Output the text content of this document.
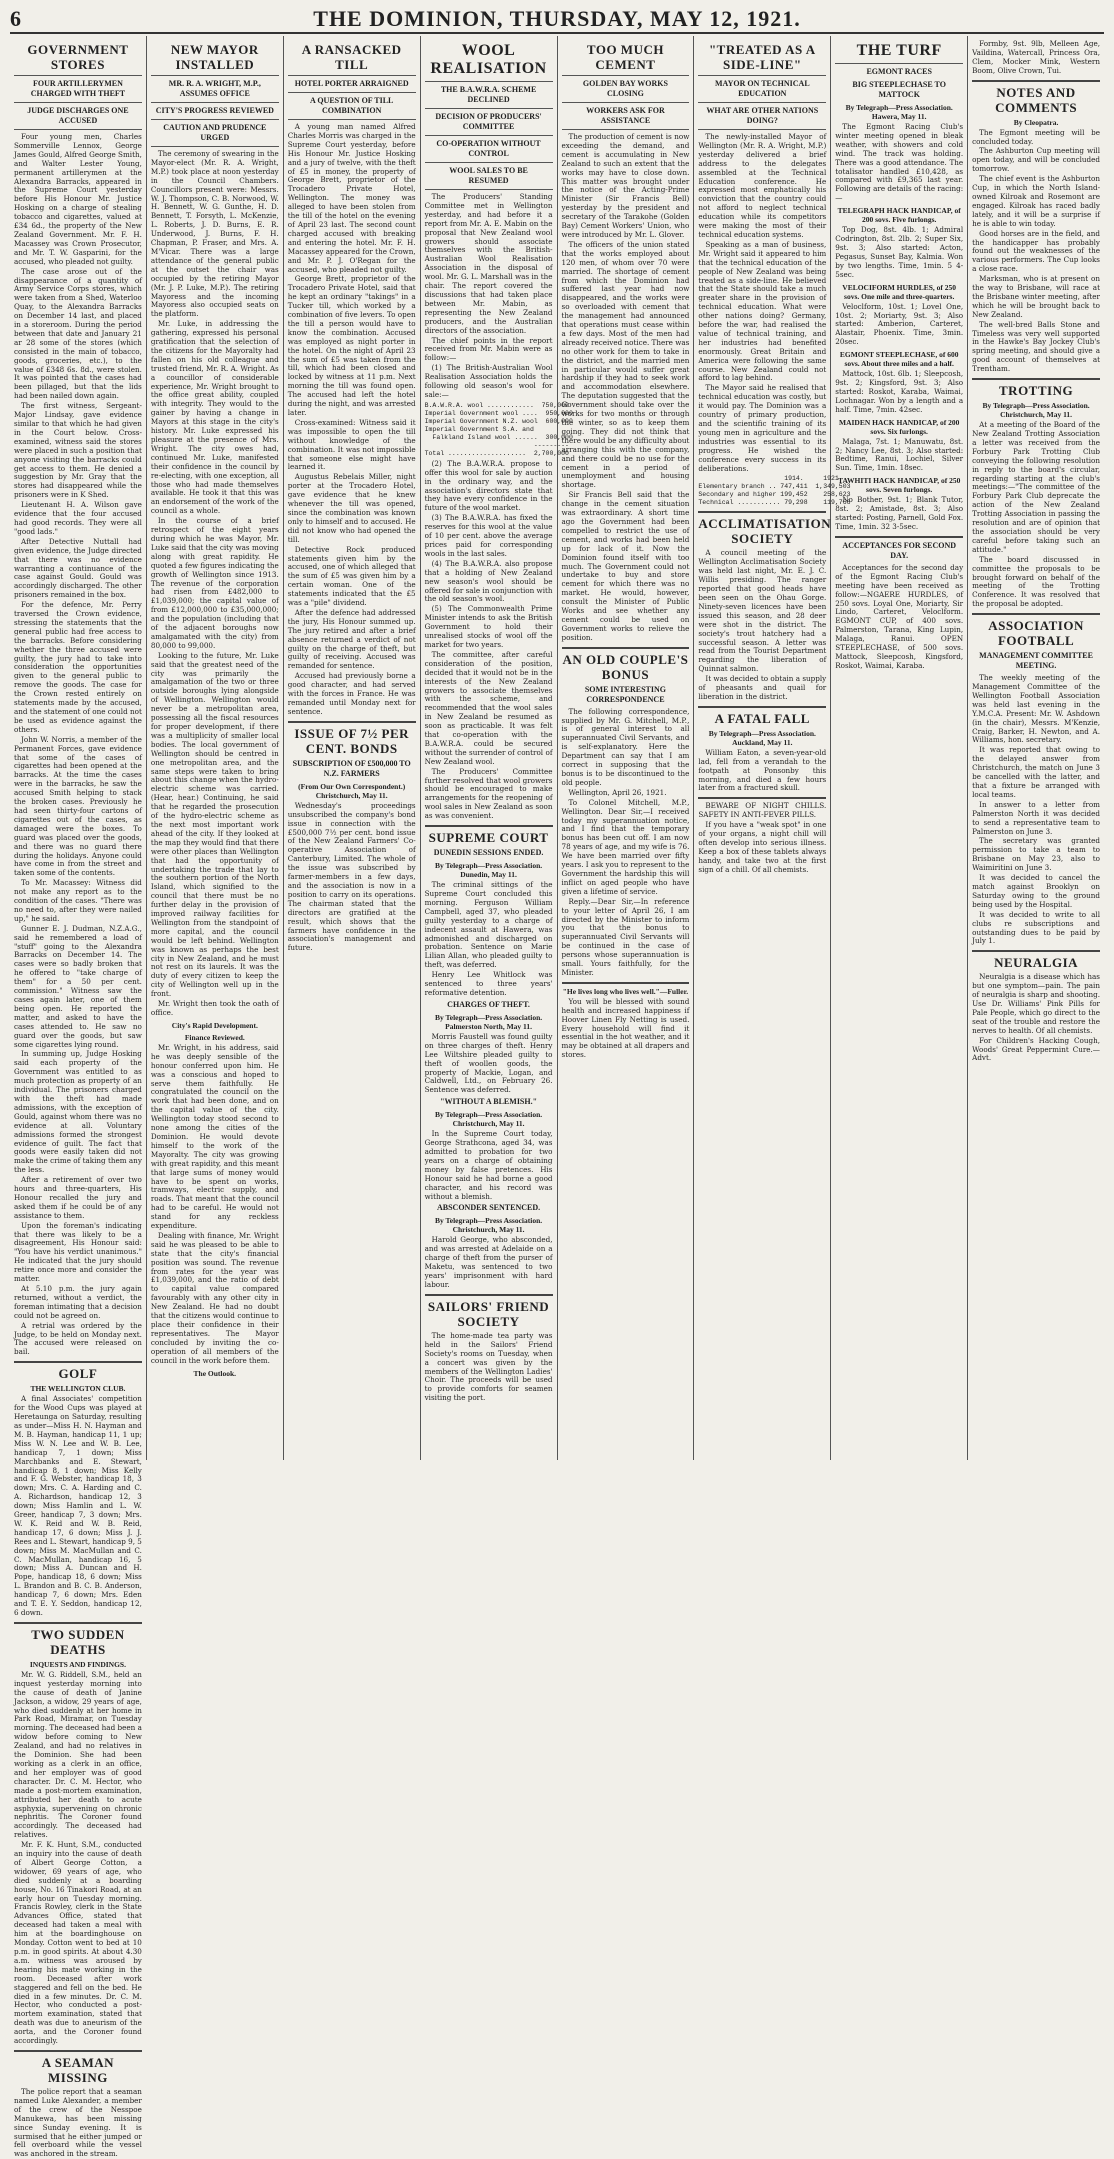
6	THE DOMINION, THURSDAY, MAY 12, 1921.
GOVERNMENT STORES
FOUR ARTILLERYMEN CHARGED WITH THEFT
JUDGE DISCHARGES ONE ACCUSED

Four young men, Charles Sommerville Lennox, George James Gould, Alfred George Smith, and Walter Lester Young, permanent artillerymen at the Alexandra Barracks, appeared in the Supreme Court yesterday before His Honour Mr. Justice Hosking on a charge of stealing tobacco and cigarettes, valued at £34 6d., the property of the New Zealand Government. Mr. F. H. Macassey was Crown Prosecutor, and Mr. T. W. Gasparini, for the accused, who pleaded not guilty.

The case arose out of the disappearance of a quantity of Army Service Corps stores, which were taken from a Shed, Waterloo Quay, to the Alexandra Barracks on December 14 last, and placed in a storeroom. During the period between that date and January 21 ar 28 some of the stores (which consisted in the main of tobacco, goods, groceries, etc.), to the value of £348 6s. 8d., were stolen. It was pointed that the cases had been pillaged, but that the lids had been nailed down again.

The first witness, Sergeant-Major Lindsay, gave evidence similar to that which he had given in the Court below. Cross-examined, witness said the stores were placed in such a position that anyone visiting the barracks could get access to them. He denied a suggestion by Mr. Gray that the stores had disappeared while the prisoners were in K Shed.

Lieutenant H. A. Wilson gave evidence that the four accused had good records. They were all "good lads."

After Detective Nuttall had given evidence, the Judge directed that there was no evidence warranting a continuance of the case against Gould. Gould was accordingly discharged. The other prisoners remained in the box.

For the defence, Mr. Perry traversed the Crown evidence, stressing the statements that the general public had free access to the barracks. Before considering whether the three accused were guilty, the jury had to take into consideration the opportunities given to the general public to remove the goods. The case for the Crown rested entirely on statements made by the accused, and the statement of one could not be used as evidence against the others.

John W. Norris, a member of the Permanent Forces, gave evidence that some of the cases of cigarettes had been opened at the barracks. At the time the cases were in the barracks, he saw the accused Smith helping to stack the broken cases. Previously he had seen thirty-four cartons of cigarettes out of the cases, as damaged were the boxes. To guard was placed over the goods, and there was no guard there during the holidays. Anyone could have come in from the street and taken some of the contents.

To Mr. Macassey: Witness did not make any report as to the condition of the cases. "There was no need to, after they were nailed up," he said.

Gunner E. J. Dudman, N.Z.A.G., said he remembered a load of "stuff" going to the Alexandra Barracks on December 14. The cases were so badly broken that he offered to "take charge of them" for a 50 per cent. commission." Witness saw the cases again later, one of them being open. He reported the matter, and asked to have the cases attended to. He saw no guard over the goods, but saw some cigarettes lying round.

In summing up, Judge Hosking said each property of the Government was entitled to as much protection as property of an individual. The prisoners charged with the theft had made admissions, with the exception of Gould, against whom there was no evidence at all. Voluntary admissions formed the strongest evidence of guilt. The fact that goods were easily taken did not make the crime of taking them any the less.

After a retirement of over two hours and three-quarters, His Honour recalled the jury and asked them if he could be of any assistance to them.

Upon the foreman's indicating that there was likely to be a disagreement, His Honour said: "You have his verdict unanimous." He indicated that the jury should retire once more and consider the matter.

At 5.10 p.m. the jury again returned, without a verdict, the foreman intimating that a decision could not be agreed on.

A retrial was ordered by the Judge, to be held on Monday next. The accused were released on bail.

GOLF
THE WELLINGTON CLUB.

A final Associates' competition for the Wood Cups was played at Heretaunga on Saturday, resulting as under—Miss H. N. Hayman and M. B. Hayman, handicap 11, 1 up; Miss W. N. Lee and W. B. Lee, handicap 7, 1 down; Miss Marchbanks and E. Stewart, handicap 8, 1 down; Miss Kelly and F. G. Webster, handicap 18, 3 down; Mrs. C. A. Harding and C. A. Richardson, handicap 12, 3 down; Miss Hamlin and L. W. Greer, handicap 7, 3 down; Mrs. W. K. Reid and W. B. Reid, handicap 17, 6 down; Miss J. J. Rees and L. Stewart, handicap 9, 5 down; Miss M. MacMullan and C. C. MacMullan, handicap 16, 5 down; Miss A. Duncan and H. Pope, handicap 18, 6 down; Miss L. Brandon and B. C. B. Anderson, handicap 7, 6 down; Mrs. Eden and T. E. Y. Seddon, handicap 12, 6 down.

TWO SUDDEN DEATHS
INQUESTS AND FINDINGS.

Mr. W. G. Riddell, S.M., held an inquest yesterday morning into the cause of death of Janine Jackson, a widow, 29 years of age, who died suddenly at her home in Park Road, Miramar, on Tuesday morning. The deceased had been a widow before coming to New Zealand, and had no relatives in the Dominion. She had been working as a clerk in an office, and her employer was of good character. Dr. C. M. Hector, who made a post-mortem examination, attributed her death to acute asphyxia, supervening on chronic nephritis. The Coroner found accordingly. The deceased had relatives.

Mr. F. K. Hunt, S.M., conducted an inquiry into the cause of death of Albert George Cotton, a widower, 69 years of age, who died suddenly at a boarding house, No. 16 Tinakori Road, at an early hour on Tuesday morning. Francis Rowley, clerk in the State Advances Office, stated that deceased had taken a meal with him at the boardinghouse on Monday. Cotton went to bed at 10 p.m. in good spirits. At about 4.30 a.m. witness was aroused by hearing his mate working in the room. Deceased after work staggered and fell on the bed. He died in a few minutes. Dr. C. M. Hector, who conducted a post-mortem examination, stated that death was due to aneurism of the aorta, and the Coroner found accordingly.

A SEAMAN MISSING

The police report that a seaman named Luke Alexander, a member of the crew of the Nesspoe Manukewa, has been missing since Sunday evening. It is surmised that he either jumped or fell overboard while the vessel was anchored in the stream.

NEW MAYOR INSTALLED
MR. R. A. WRIGHT, M.P., ASSUMES OFFICE
CITY'S PROGRESS REVIEWED
CAUTION AND PRUDENCE URGED

The ceremony of swearing in the Mayor-elect (Mr. R. A. Wright, M.P.) took place at noon yesterday in the Council Chambers. Councillors present were: Messrs. W. J. Thompson, C. B. Norwood, W. H. Bennett, W. G. Gunthe, H. D. Bennett, T. Forsyth, L. McKenzie, L. Roberts, J. D. Burns, E. R. Underwood, J. Burns, F. H. Chapman, P. Fraser, and Mrs. A. M'Vicar. There was a large attendance of the general public at the outset the chair was occupied by the retiring Mayor (Mr. J. P. Luke, M.P.). The retiring Mayoress and the incoming Mayoress also occupied seats on the platform.

Mr. Luke, in addressing the gathering, expressed his personal gratification that the selection of the citizens for the Mayoralty had fallen on his old colleague and trusted friend, Mr. R. A. Wright. As a councillor of considerable experience, Mr. Wright brought to the office great ability, coupled with integrity. They would to the gainer by having a change in Mayors at this stage in the city's history. Mr. Luke expressed his pleasure at the presence of Mrs. Wright. The city owes had, continued Mr. Luke, manifested their confidence in the council by re-electing, with one exception, all those who had made themselves available. He took it that this was an endorsement of the work of the council as a whole.

In the course of a brief retrospect of the eight years during which he was Mayor, Mr. Luke said that the city was moving along with great rapidity. He quoted a few figures indicating the growth of Wellington since 1913. The revenue of the corporation had risen from £482,000 to £1,039,000; the capital value of from £12,000,000 to £35,000,000; and the population (including that of the adjacent boroughs now amalgamated with the city) from 80,000 to 99,000.

Looking to the future, Mr. Luke said that the greatest need of the city was primarily the amalgamation of the two or three outside boroughs lying alongside of Wellington. Wellington would never be a metropolitan area, possessing all the fiscal resources for proper development, if there was a multiplicity of smaller local bodies. The local government of Wellington should be centred in one metropolitan area, and the same steps were taken to bring about this change when the hydro-electric scheme was carried. (Hear, hear.) Continuing, he said that he regarded the prosecution of the hydro-electric scheme as the next most important work ahead of the city. If they looked at the map they would find that there were other places than Wellington that had the opportunity of undertaking the trade that lay to the southern portion of the North Island, which signified to the council that there must be no further delay in the provision of improved railway facilities for Wellington from the standpoint of more capital, and the council would be left behind. Wellington was known as perhaps the best city in New Zealand, and he must not rest on its laurels. It was the duty of every citizen to keep the city of Wellington well up in the front.

Mr. Wright then took the oath of office.

City's Rapid Development.
Finance Reviewed.

Mr. Wright, in his address, said he was deeply sensible of the honour conferred upon him. He was a conscious and hoped to serve them faithfully. He congratulated the council on the work that had been done, and on the capital value of the city. Wellington today stood second to none among the cities of the Dominion. He would devote himself to the work of the Mayoralty. The city was growing with great rapidity, and this meant that large sums of money would have to be spent on works, tramways, electric supply, and roads. That meant that the council had to be careful. He would not stand for any reckless expenditure.

Dealing with finance, Mr. Wright said he was pleased to be able to state that the city's financial position was sound. The revenue from rates for the year was £1,039,000, and the ratio of debt to capital value compared favourably with any other city in New Zealand. He had no doubt that the citizens would continue to place their confidence in their representatives. The Mayor concluded by inviting the co-operation of all members of the council in the work before them.

The Outlook.
A RANSACKED TILL
HOTEL PORTER ARRAIGNED
A QUESTION OF TILL COMBINATION

A young man named Alfred Charles Morris was charged in the Supreme Court yesterday, before His Honour Mr. Justice Hosking and a jury of twelve, with the theft of £5 in money, the property of George Brett, proprietor of the Trocadero Private Hotel, Wellington. The money was alleged to have been stolen from the till of the hotel on the evening of April 23 last. The second count charged accused with breaking and entering the hotel. Mr. F. H. Macassey appeared for the Crown, and Mr. P. J. O'Regan for the accused, who pleaded not guilty.

George Brett, proprietor of the Trocadero Private Hotel, said that he kept an ordinary "takings" in a Tucker till, which worked by a combination of five levers. To open the till a person would have to know the combination. Accused was employed as night porter in the hotel. On the night of April 23 the sum of £5 was taken from the till, which had been closed and locked by witness at 11 p.m. Next morning the till was found open. The accused had left the hotel during the night, and was arrested later.

Cross-examined: Witness said it was impossible to open the till without knowledge of the combination. It was not impossible that someone else might have learned it.

Augustus Rebelais Miller, night porter at the Trocadero Hotel, gave evidence that he knew whenever the till was opened, since the combination was known only to himself and to accused. He did not know who had opened the till.

Detective Rock produced statements given him by the accused, one of which alleged that the sum of £5 was given him by a certain woman. One of the statements indicated that the £5 was a "pile" dividend.

After the defence had addressed the jury, His Honour summed up. The jury retired and after a brief absence returned a verdict of not guilty on the charge of theft, but guilty of receiving. Accused was remanded for sentence.

Accused had previously borne a good character, and had served with the forces in France. He was remanded until Monday next for sentence.

ISSUE OF 7½ PER CENT. BONDS
SUBSCRIPTION OF £500,000 TO N.Z. FARMERS
(From Our Own Correspondent.) Christchurch, May 11.

Wednesday's proceedings unsubscribed the company's bond issue in connection with the £500,000 7½ per cent. bond issue of the New Zealand Farmers' Co-operative Association of Canterbury, Limited. The whole of the issue was subscribed by farmer-members in a few days, and the association is now in a position to carry on its operations. The chairman stated that the directors are gratified at the result, which shows that the farmers have confidence in the association's management and future.

WOOL REALISATION
THE B.A.W.R.A. SCHEME DECLINED
DECISION OF PRODUCERS' COMMITTEE
CO-OPERATION WITHOUT CONTROL
WOOL SALES TO BE RESUMED

The Producers' Standing Committee met in Wellington yesterday, and had before it a report from Mr. A. E. Mabin on the proposal that New Zealand wool growers should associate themselves with the British-Australian Wool Realisation Association in the disposal of wool. Mr. G. L. Marshall was in the chair. The report covered the discussions that had taken place between Mr. Mabin, as representing the New Zealand producers, and the Australian directors of the association.

The chief points in the report received from Mr. Mabin were as follow:—

(1) The British-Australian Wool Realisation Association holds the following old season's wool for sale:—

B.A.W.R.A. wool ............  750,000
Imperial Government wool ....  950,000
Imperial Government N.Z. wool  600,000
Imperial Government S.A. and
Falkland Island wool ......  300,000
---------
Total ....................  2,700,000

(2) The B.A.W.R.A. propose to offer this wool for sale by auction in the ordinary way, and the association's directors state that they have every confidence in the future of the wool market.

(3) The B.A.W.R.A. has fixed the reserves for this wool at the value of 10 per cent. above the average prices paid for corresponding wools in the last sales.

(4) The B.A.W.R.A. also propose that a holding of New Zealand new season's wool should be offered for sale in conjunction with the old season's wool.

(5) The Commonwealth Prime Minister intends to ask the British Government to hold their unrealised stocks of wool off the market for two years.

The committee, after careful consideration of the position, decided that it would not be in the interests of the New Zealand growers to associate themselves with the scheme, and recommended that the wool sales in New Zealand be resumed as soon as practicable. It was felt that co-operation with the B.A.W.R.A. could be secured without the surrender of control of New Zealand wool.

The Producers' Committee further resolved that wool growers should be encouraged to make arrangements for the reopening of wool sales in New Zealand as soon as was convenient.

SUPREME COURT
DUNEDIN SESSIONS ENDED.
By Telegraph—Press Association. Dunedin, May 11.

The criminal sittings of the Supreme Court concluded this morning. Ferguson William Campbell, aged 37, who pleaded guilty yesterday to a charge of indecent assault at Hawera, was admonished and discharged on probation. Sentence on Marie Lilian Allan, who pleaded guilty to theft, was deferred.

Henry Lee Whitlock was sentenced to three years' reformative detention.

CHARGES OF THEFT.
By Telegraph—Press Association. Palmerston North, May 11.

Morris Faustell was found guilty on three charges of theft. Henry Lee Wiltshire pleaded guilty to theft of woollen goods, the property of Mackie, Logan, and Caldwell, Ltd., on February 26. Sentence was deferred.

"WITHOUT A BLEMISH."
By Telegraph—Press Association. Christchurch, May 11.

In the Supreme Court today, George Strathcona, aged 34, was admitted to probation for two years on a charge of obtaining money by false pretences. His Honour said he had borne a good character, and his record was without a blemish.

ABSCONDER SENTENCED.
By Telegraph—Press Association. Christchurch, May 11.

Harold George, who absconded, and was arrested at Adelaide on a charge of theft from the purser of Maketu, was sentenced to two years' imprisonment with hard labour.

SAILORS' FRIEND SOCIETY

The home-made tea party was held in the Sailors' Friend Society's rooms on Tuesday, when a concert was given by the members of the Wellington Ladies' Choir. The proceeds will be used to provide comforts for seamen visiting the port.

TOO MUCH CEMENT
GOLDEN BAY WORKS CLOSING
WORKERS ASK FOR ASSISTANCE

The production of cement is now exceeding the demand, and cement is accumulating in New Zealand to such an extent that the works may have to close down. This matter was brought under the notice of the Acting-Prime Minister (Sir Francis Bell) yesterday by the president and secretary of the Tarakohe (Golden Bay) Cement Workers' Union, who were introduced by Mr. L. Glover.

The officers of the union stated that the works employed about 120 men, of whom over 70 were married. The shortage of cement from which the Dominion had suffered last year had now disappeared, and the works were so overloaded with cement that the management had announced that operations must cease within a few days. Most of the men had already received notice. There was no other work for them to take in the district, and the married men in particular would suffer great hardship if they had to seek work and accommodation elsewhere. The deputation suggested that the Government should take over the works for two months or through the winter, so as to keep them going. They did not think that there would be any difficulty about arranging this with the company, and there could be no use for the cement in a period of unemployment and housing shortage.

Sir Francis Bell said that the change in the cement situation was extraordinary. A short time ago the Government had been compelled to restrict the use of cement, and works had been held up for lack of it. Now the Dominion found itself with too much. The Government could not undertake to buy and store cement for which there was no market. He would, however, consult the Minister of Public Works and see whether any cement could be used on Government works to relieve the position.

AN OLD COUPLE'S BONUS
SOME INTERESTING CORRESPONDENCE

The following correspondence, supplied by Mr. G. Mitchell, M.P., is of general interest to all superannuated Civil Servants, and is self-explanatory. Here the Department can say that I am correct in supposing that the bonus is to be discontinued to the old people.

Wellington, April 26, 1921.

To Colonel Mitchell, M.P., Wellington. Dear Sir,—I received today my superannuation notice, and I find that the temporary bonus has been cut off. I am now 78 years of age, and my wife is 76. We have been married over fifty years. I ask you to represent to the Government the hardship this will inflict on aged people who have given a lifetime of service.

Reply.—Dear Sir,—In reference to your letter of April 26, I am directed by the Minister to inform you that the bonus to superannuated Civil Servants will be continued in the case of persons whose superannuation is small. Yours faithfully, for the Minister.

"He lives long who lives well."—Fuller.

You will be blessed with sound health and increased happiness if Hoover Linen Fly Netting is used. Every household will find it essential in the hot weather, and it may be obtained at all drapers and stores.

"TREATED AS A SIDE-LINE"
MAYOR ON TECHNICAL EDUCATION
WHAT ARE OTHER NATIONS DOING?

The newly-installed Mayor of Wellington (Mr. R. A. Wright, M.P.) yesterday delivered a brief address to the delegates assembled at the Technical Education conference. He expressed most emphatically his conviction that the country could not afford to neglect technical education while its competitors were making the most of their technical education systems.

Speaking as a man of business, Mr. Wright said it appeared to him that the technical education of the people of New Zealand was being treated as a side-line. He believed that the State should take a much greater share in the provision of technical education. What were other nations doing? Germany, before the war, had realised the value of technical training, and her industries had benefited enormously. Great Britain and America were following the same course. New Zealand could not afford to lag behind.

The Mayor said he realised that technical education was costly, but it would pay. The Dominion was a country of primary production, and the scientific training of its young men in agriculture and the industries was essential to its progress. He wished the conference every success in its deliberations.

1914.     1921.
Elementary branch .. 747,411  1,349,503
Secondary and higher 199,452    258,623
Technical ........... 79,298    119,766
ACCLIMATISATION SOCIETY

A council meeting of the Wellington Acclimatisation Society was held last night, Mr. E. J. C. Willis presiding. The ranger reported that good heads have been seen on the Ohau Gorge. Ninety-seven licences have been issued this season, and 28 deer were shot in the district. The society's trout hatchery had a successful season. A letter was read from the Tourist Department regarding the liberation of Quinnat salmon.

It was decided to obtain a supply of pheasants and quail for liberation in the district.

A FATAL FALL
By Telegraph—Press Association. Auckland, May 11.

William Eaton, a seven-year-old lad, fell from a verandah to the footpath at Ponsonby this morning, and died a few hours later from a fractured skull.

BEWARE OF NIGHT CHILLS. SAFETY IN ANTI-FEVER PILLS.

If you have a "weak spot" in one of your organs, a night chill will often develop into serious illness. Keep a box of these tablets always handy, and take two at the first sign of a chill. Of all chemists.

THE TURF
EGMONT RACES
BIG STEEPLECHASE TO MATTOCK
By Telegraph—Press Association. Hawera, May 11.

The Egmont Racing Club's winter meeting opened in bleak weather, with showers and cold wind. The track was holding. There was a good attendance. The totalisator handled £10,428, as compared with £9,365 last year. Following are details of the racing:—

TELEGRAPH HACK HANDICAP, of 200 sovs. Five furlongs.

Top Dog, 8st. 4lb. 1; Admiral Codrington, 8st. 2lb. 2; Super Six, 9st. 3; Also started: Acton, Pegasus, Sunset Bay, Kalmia. Won by two lengths. Time, 1min. 5 4-5sec.

VELOCIFORM HURDLES, of 250 sovs. One mile and three-quarters.

Veloclform, 10st. 1; Lovel One, 10st. 2; Moriarty, 9st. 3; Also started: Amberion, Carteret, Alastair, Phoenix. Time, 3min. 20sec.

EGMONT STEEPLECHASE, of 600 sovs. About three miles and a half.

Mattock, 10st. 6lb. 1; Sleepcosh, 9st. 2; Kingsford, 9st. 3; Also started: Roskot, Karaba, Waimai, Lochnagar. Won by a length and a half. Time, 7min. 42sec.

MAIDEN HACK HANDICAP, of 200 sovs. Six furlongs.

Malaga, 7st. 1; Manuwatu, 8st. 2; Nancy Lee, 8st. 3; Also started: Bedtime, Ranui, Lochiel, Silver Sun. Time, 1min. 18sec.

TAWHITI HACK HANDICAP, of 250 sovs. Seven furlongs.

No Bother, 9st. 1; Blank Tutor, 8st. 2; Amistade, 8st. 3; Also started: Posting, Parnell, Gold Fox. Time, 1min. 32 3-5sec.

ACCEPTANCES FOR SECOND DAY.

Acceptances for the second day of the Egmont Racing Club's meeting have been received as follow:—NGAERE HURDLES, of 250 sovs. Loyal One, Moriarty, Sir Lindo, Carteret, Veloclform. EGMONT CUP, of 400 sovs. Palmerston, Tarana, King Lupin, Malaga, Ranui. OPEN STEEPLECHASE, of 500 sovs. Mattock, Sleepcosh, Kingsford, Roskot, Waimai, Karaba.

Formby, 9st. 9lb, Melleen Age, Vaildina, Watercall, Princess Ora, Clem, Mocker Mink, Western Boom, Olive Crown, Tui.

NOTES AND COMMENTS
By Cleopatra.

The Egmont meeting will be concluded today.

The Ashburton Cup meeting will open today, and will be concluded tomorrow.

The chief event is the Ashburton Cup, in which the North Island-owned Kilroak and Rosemont are engaged. Kilroak has raced badly lately, and it will be a surprise if he is able to win today.

Good horses are in the field, and the handicapper has probably found out the weaknesses of the various performers. The Cup looks a close race.

Marksman, who is at present on the way to Brisbane, will race at the Brisbane winter meeting, after which he will be brought back to New Zealand.

The well-bred Balls Stone and Timeless was very well supported in the Hawke's Bay Jockey Club's spring meeting, and should give a good account of themselves at Trentham.

TROTTING
By Telegraph—Press Association. Christchurch, May 11.

At a meeting of the Board of the New Zealand Trotting Association a letter was received from the Forbury Park Trotting Club conveying the following resolution in reply to the board's circular, regarding starting at the club's meetings:—"The committee of the Forbury Park Club deprecate the action of the New Zealand Trotting Association in passing the resolution and are of opinion that the association should be very careful before taking such an attitude."

The board discussed in committee the proposals to be brought forward on behalf of the meeting of the Trotting Conference. It was resolved that the proposal be adopted.

ASSOCIATION FOOTBALL
MANAGEMENT COMMITTEE MEETING.

The weekly meeting of the Management Committee of the Wellington Football Association was held last evening in the Y.M.C.A. Present: Mr. W. Ashdown (in the chair), Messrs. M'Kenzie, Craig, Barker, H. Newton, and A. Williams, hon. secretary.

It was reported that owing to the delayed answer from Christchurch, the match on June 3 be cancelled with the latter, and that a fixture be arranged with local teams.

In answer to a letter from Palmerston North it was decided to send a representative team to Palmerston on June 3.

The secretary was granted permission to take a team to Brisbane on May 23, also to Waimiritini on June 3.

It was decided to cancel the match against Brooklyn on Saturday owing to the ground being used by the Hospital.

It was decided to write to all clubs re subscriptions and outstanding dues to be paid by July 1.

NEURALGIA

Neuralgia is a disease which has but one symptom—pain. The pain of neuralgia is sharp and shooting. Use Dr. Williams' Pink Pills for Pale People, which go direct to the seat of the trouble and restore the nerves to health. Of all chemists.

For Children's Hacking Cough, Woods' Great Peppermint Cure.—Advt.
